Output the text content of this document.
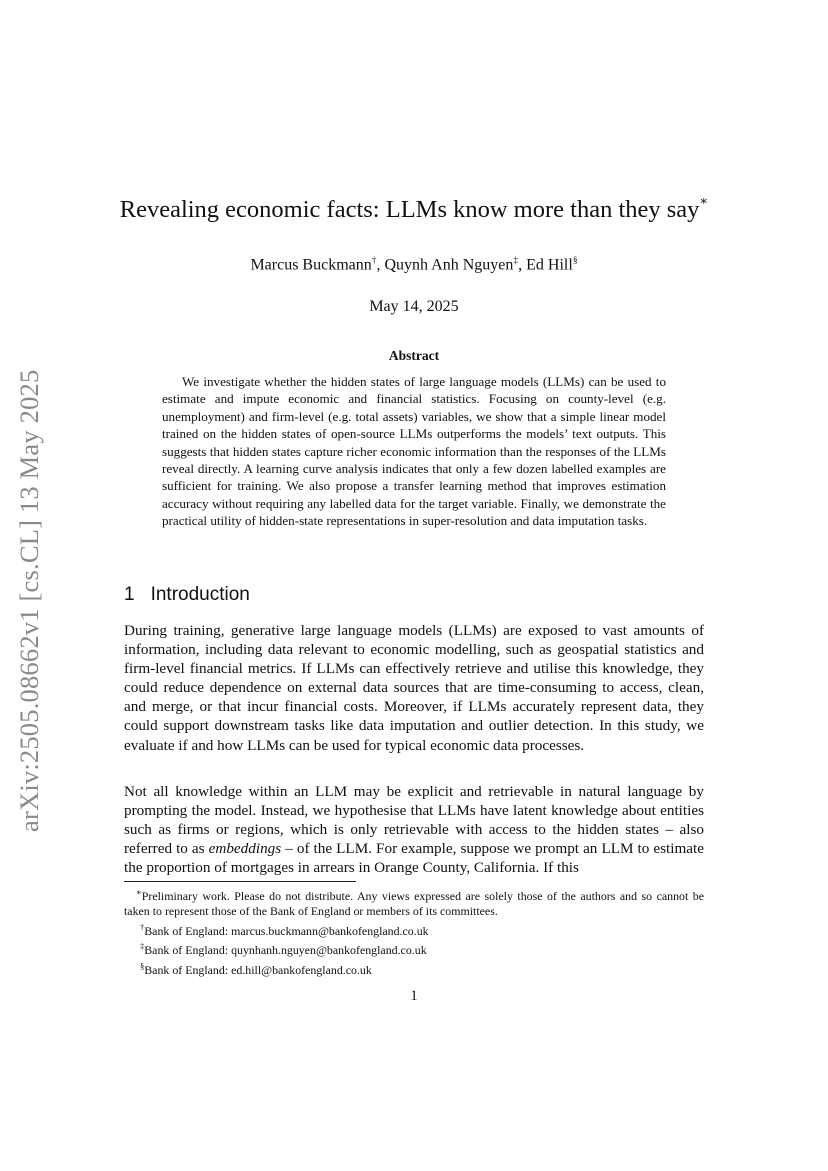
arXiv:2505.08662v1 [cs.CL] 13 May 2025
Revealing economic facts: LLMs know more than they say∗
Marcus Buckmann†, Quynh Anh Nguyen‡, Ed Hill§
May 14, 2025
Abstract
We investigate whether the hidden states of large language models (LLMs) can be used to estimate and impute economic and financial statistics. Focusing on county-level (e.g. unemployment) and firm-level (e.g. total assets) variables, we show that a simple linear model trained on the hidden states of open-source LLMs outperforms the models’ text outputs. This suggests that hidden states capture richer economic information than the responses of the LLMs reveal directly. A learning curve analysis indicates that only a few dozen labelled examples are sufficient for training. We also propose a transfer learning method that improves estimation accuracy without requiring any labelled data for the target variable. Finally, we demonstrate the practical utility of hidden-state representations in super-resolution and data imputation tasks.
1 Introduction
During training, generative large language models (LLMs) are exposed to vast amounts of information, including data relevant to economic modelling, such as geospatial statistics and firm-level financial metrics. If LLMs can effectively retrieve and utilise this knowledge, they could reduce dependence on external data sources that are time-consuming to access, clean, and merge, or that incur financial costs. Moreover, if LLMs accurately represent data, they could support downstream tasks like data imputation and outlier detection. In this study, we evaluate if and how LLMs can be used for typical economic data processes.
Not all knowledge within an LLM may be explicit and retrievable in natural language by prompting the model. Instead, we hypothesise that LLMs have latent knowledge about entities such as firms or regions, which is only retrievable with access to the hidden states – also referred to as embeddings – of the LLM. For example, suppose we prompt an LLM to estimate the proportion of mortgages in arrears in Orange County, California. If this
∗Preliminary work. Please do not distribute. Any views expressed are solely those of the authors and so cannot be taken to represent those of the Bank of England or members of its committees.
†Bank of England: marcus.buckmann@bankofengland.co.uk
‡Bank of England: quynhanh.nguyen@bankofengland.co.uk
§Bank of England: ed.hill@bankofengland.co.uk
1
